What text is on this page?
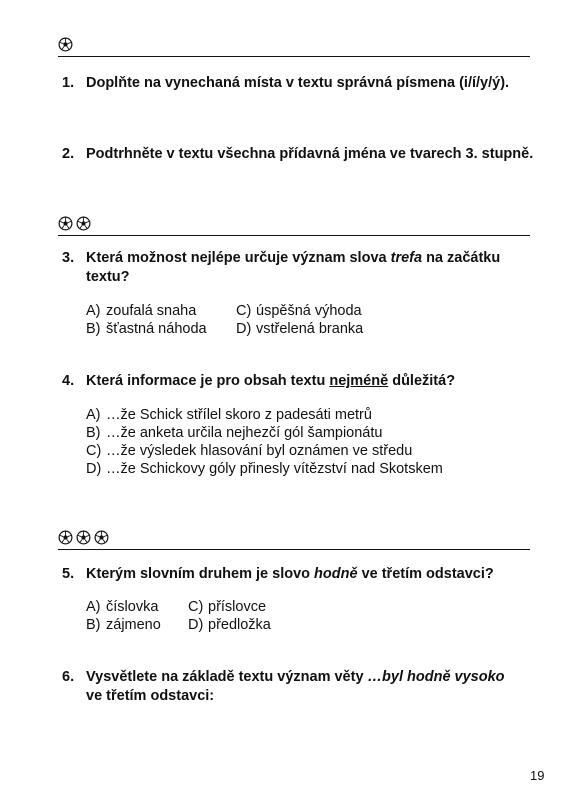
1. Doplňte na vynechaná místa v textu správná písmena (i/í/y/ý).
2. Podtrhněte v textu všechna přídavná jména ve tvarech 3. stupně.
3. Která možnost nejlépe určuje význam slova trefa na začátku
textu?
A) zoufalá snaha	C) úspěšná výhoda
B) šťastná náhoda	D) vstřelená branka
4. Která informace je pro obsah textu nejméně důležitá?
A) …že Schick střílel skoro z padesáti metrů
B) …že anketa určila nejhezčí gól šampionátu
C) …že výsledek hlasování byl oznámen ve středu
D) …že Schickovy góly přinesly vítězství nad Skotskem
5. Kterým slovním druhem je slovo hodně ve třetím odstavci?
A) číslovka	C) příslovce
B) zájmeno	D) předložka
6. Vysvětlete na základě textu význam věty …byl hodně vysoko
ve třetím odstavci:
19
